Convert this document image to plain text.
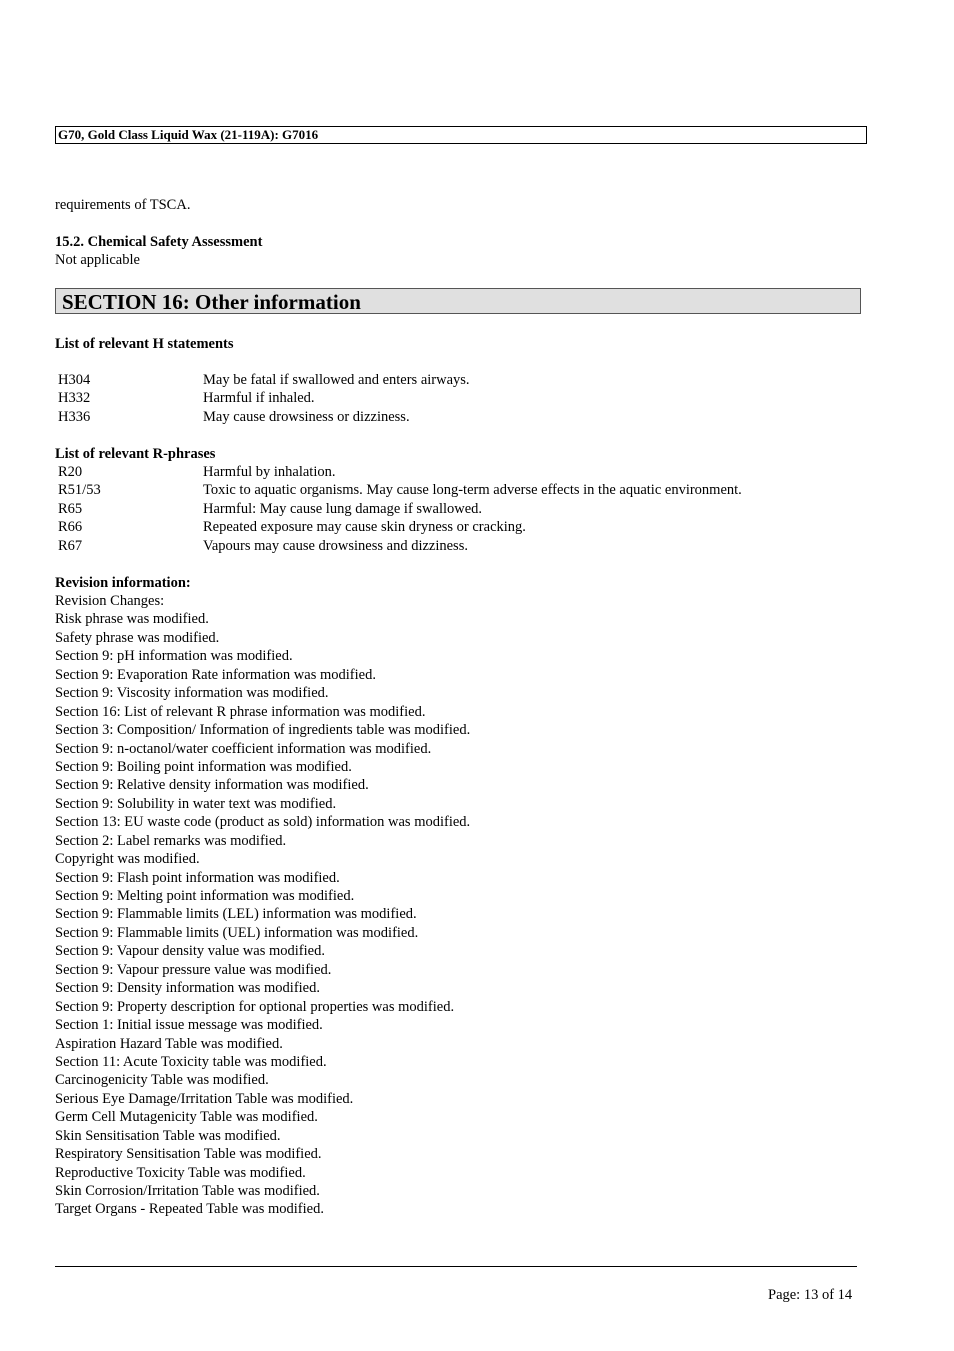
G70, Gold Class Liquid Wax (21-119A): G7016
requirements of TSCA.
15.2. Chemical Safety Assessment
Not applicable
SECTION 16: Other information
List of relevant H statements
H304	May be fatal if swallowed and enters airways.
H332	Harmful if inhaled.
H336	May cause drowsiness or dizziness.
List of relevant R-phrases
R20	Harmful by inhalation.
R51/53	Toxic to aquatic organisms. May cause long-term adverse effects in the aquatic environment.
R65	Harmful: May cause lung damage if swallowed.
R66	Repeated exposure may cause skin dryness or cracking.
R67	Vapours may cause drowsiness and dizziness.
Revision information:
Revision Changes:
Risk phrase was modified.
Safety phrase was modified.
Section 9: pH information was modified.
Section 9: Evaporation Rate information was modified.
Section 9: Viscosity information was modified.
Section 16: List of relevant R phrase information was modified.
Section 3: Composition/ Information of ingredients table was modified.
Section 9: n-octanol/water coefficient information was modified.
Section 9: Boiling point information was modified.
Section 9: Relative density information was modified.
Section 9: Solubility in water text was modified.
Section 13: EU waste code (product as sold) information was modified.
Section 2: Label remarks was modified.
Copyright was modified.
Section 9: Flash point information was modified.
Section 9: Melting point information was modified.
Section 9: Flammable limits (LEL) information was modified.
Section 9: Flammable limits (UEL) information was modified.
Section 9: Vapour density value was modified.
Section 9: Vapour pressure value was modified.
Section 9: Density information was modified.
Section 9: Property description for optional properties was modified.
Section 1: Initial issue message was modified.
Aspiration Hazard Table was modified.
Section 11: Acute Toxicity table was modified.
Carcinogenicity Table was modified.
Serious Eye Damage/Irritation Table was modified.
Germ Cell Mutagenicity Table was modified.
Skin Sensitisation Table was modified.
Respiratory Sensitisation Table was modified.
Reproductive Toxicity Table was modified.
Skin Corrosion/Irritation Table was modified.
Target Organs - Repeated Table was modified.
Page: 13 of 14
